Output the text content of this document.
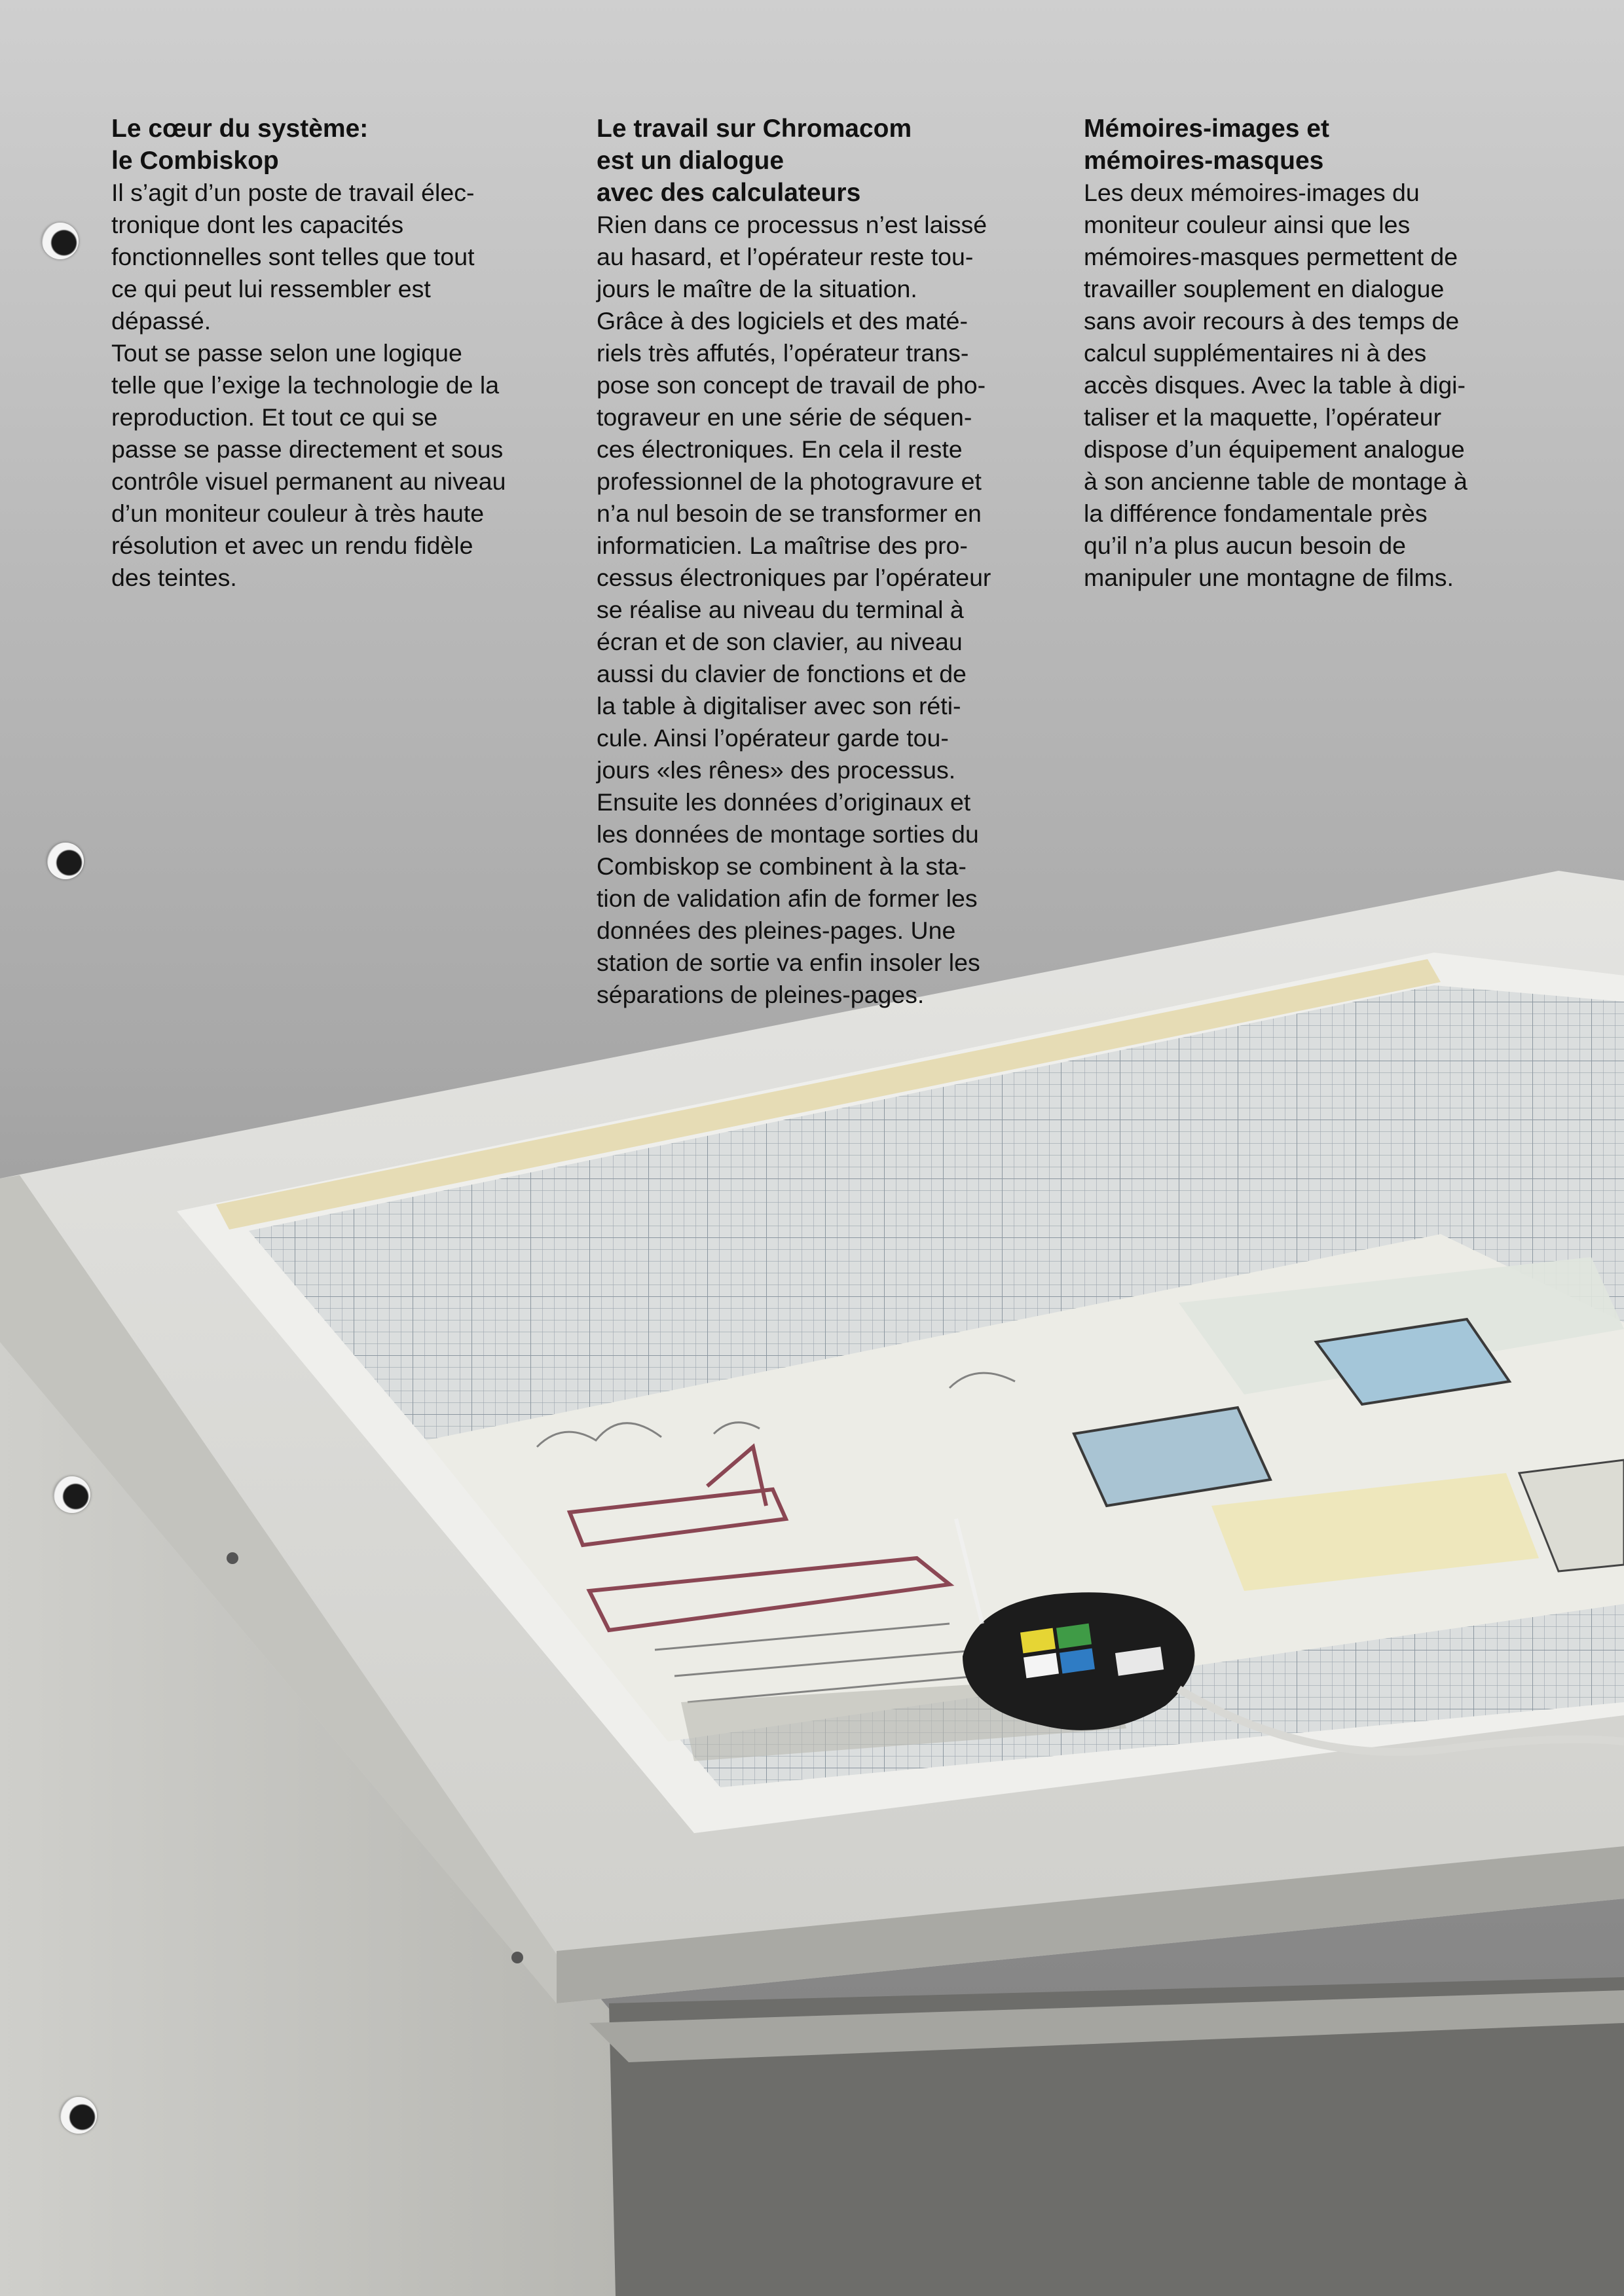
Le cœur du système:
le Combiskop

Il s’agit d’un poste de travail élec-
tronique dont les capacités
fonctionnelles sont telles que tout
ce qui peut lui ressembler est
dépassé.
Tout se passe selon une logique
telle que l’exige la technologie de la
reproduction. Et tout ce qui se
passe se passe directement et sous
contrôle visuel permanent au niveau
d’un moniteur couleur à très haute
résolution et avec un rendu fidèle
des teintes.

Le travail sur Chromacom
est un dialogue
avec des calculateurs

Rien dans ce processus n’est laissé
au hasard, et l’opérateur reste tou-
jours le maître de la situation.
Grâce à des logiciels et des maté-
riels très affutés, l’opérateur trans-
pose son concept de travail de pho-
tograveur en une série de séquen-
ces électroniques. En cela il reste
professionnel de la photogravure et
n’a nul besoin de se transformer en
informaticien. La maîtrise des pro-
cessus électroniques par l’opérateur
se réalise au niveau du terminal à
écran et de son clavier, au niveau
aussi du clavier de fonctions et de
la table à digitaliser avec son réti-
cule. Ainsi l’opérateur garde tou-
jours «les rênes» des processus.
Ensuite les données d’originaux et
les données de montage sorties du
Combiskop se combinent à la sta-
tion de validation afin de former les
données des pleines-pages. Une
station de sortie va enfin insoler les
séparations de pleines-pages.

Mémoires-images et
mémoires-masques

Les deux mémoires-images du
moniteur couleur ainsi que les
mémoires-masques permettent de
travailler souplement en dialogue
sans avoir recours à des temps de
calcul supplémentaires ni à des
accès disques. Avec la table à digi-
taliser et la maquette, l’opérateur
dispose d’un équipement analogue
à son ancienne table de montage à
la différence fondamentale près
qu’il n’a plus aucun besoin de
manipuler une montagne de films.
